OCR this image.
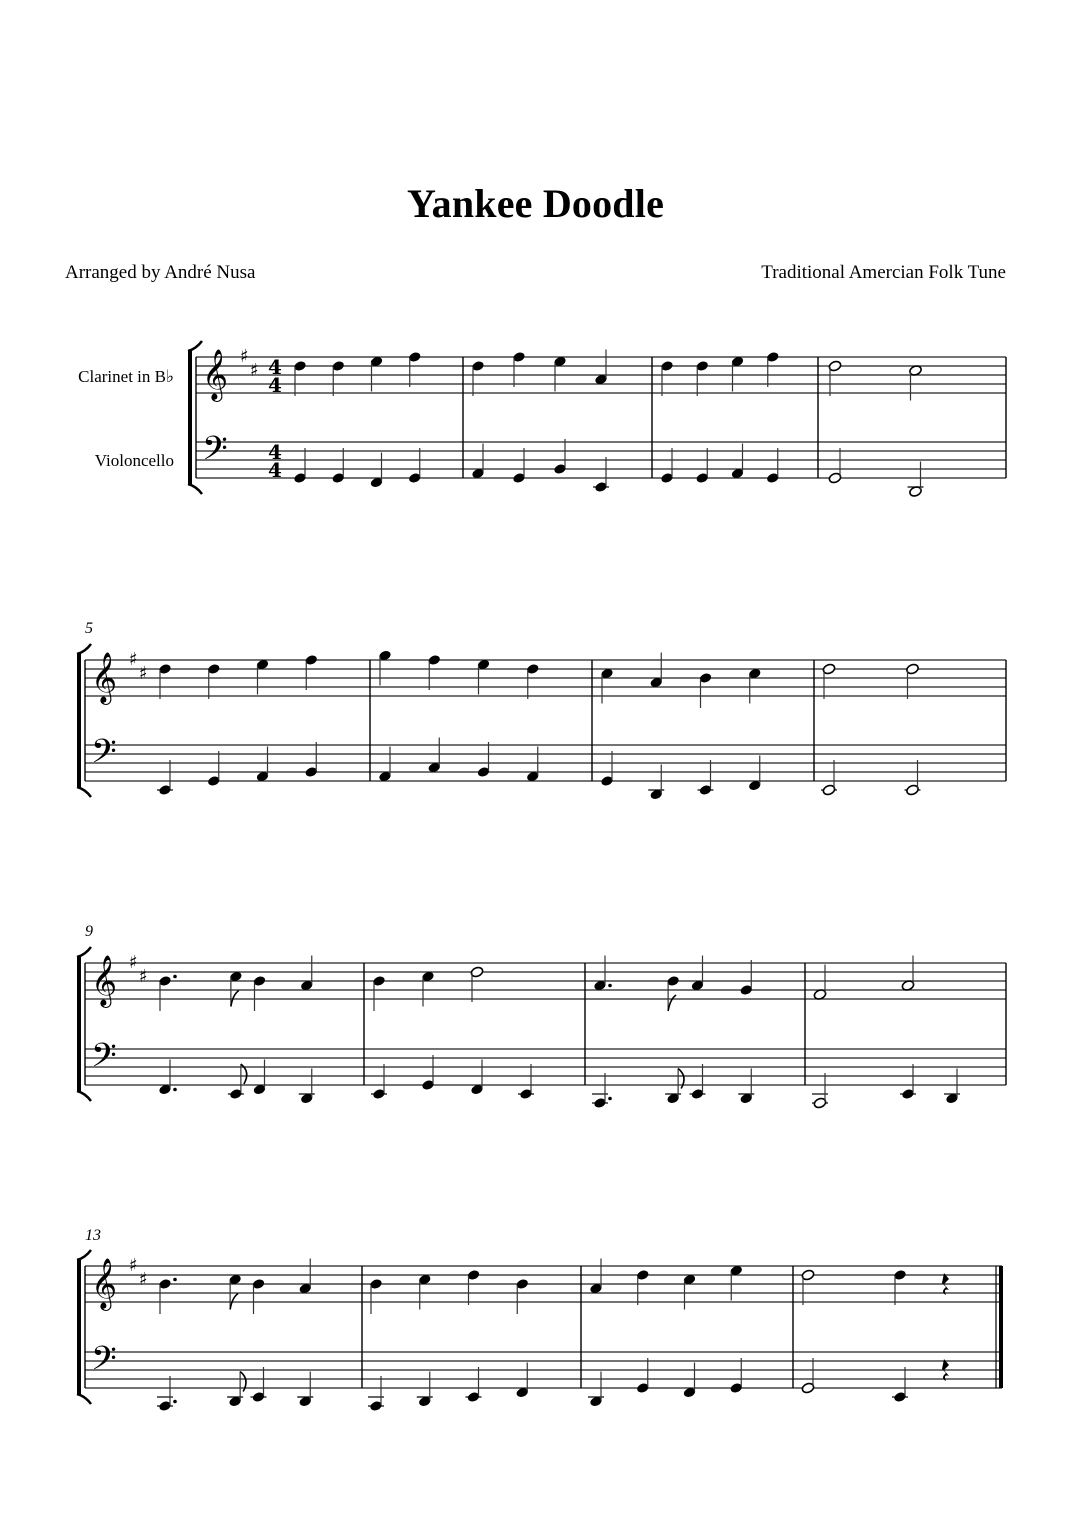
Yankee Doodle
Arranged by André Nusa	Traditional Amercian Folk Tune
Clarinet in B♭
Violoncello
5
9
13
𝄞
𝄢
♯
♯ 4
4
4
4
𝄞
𝄢
♯
♯
𝄞
𝄢
♯
♯
𝄞
𝄢
♯
♯
